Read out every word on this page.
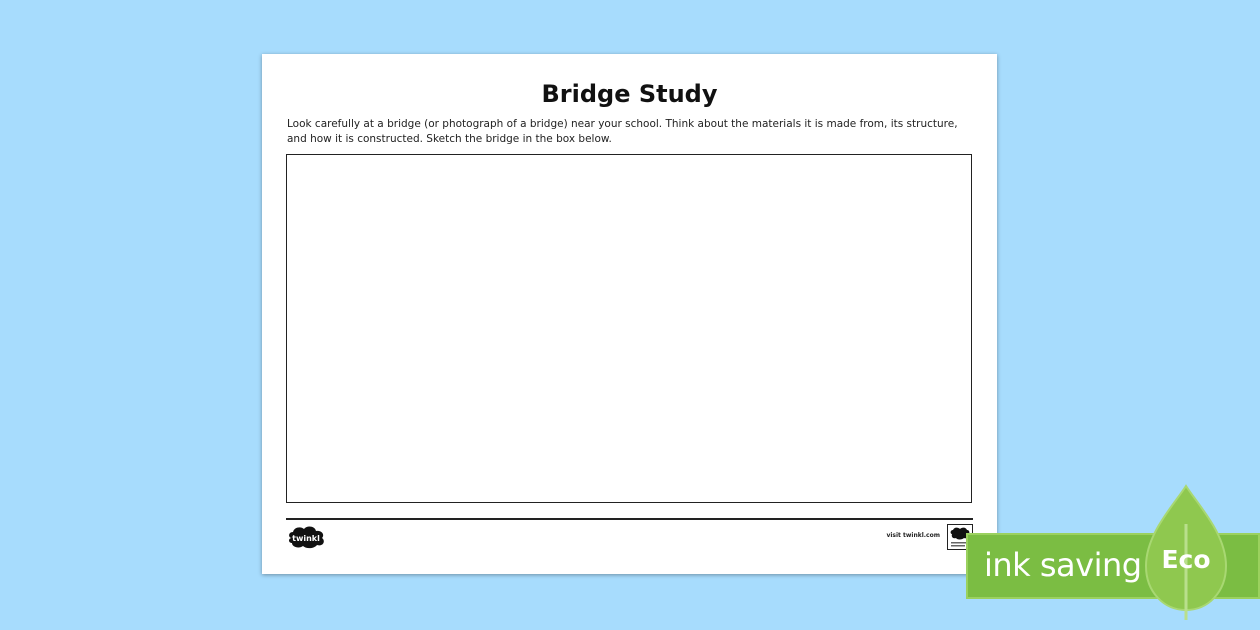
Bridge Study
Look carefully at a bridge (or photograph of a bridge) near your school. Think about the materials it is made from, its structure, and how it is constructed. Sketch the bridge in the box below.
twinkl	visit twinkl.com
ink saving Eco
